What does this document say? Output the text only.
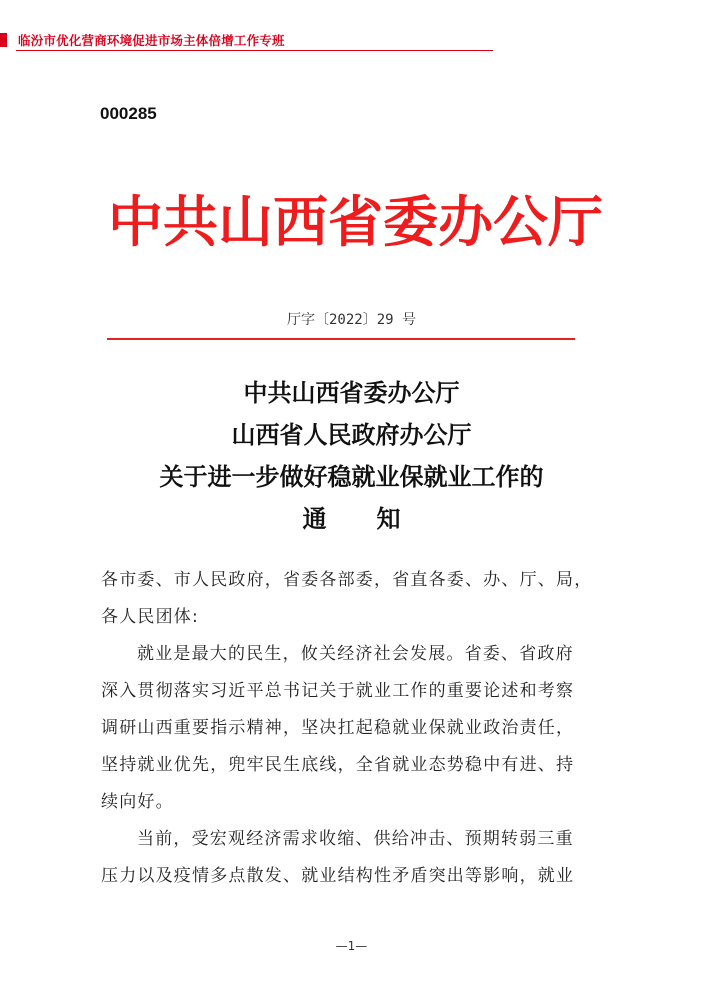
临汾市优化营商环境促进市场主体倍增工作专班
000285
中共山西省委办公厅
厅字〔2022〕29 号
中共山西省委办公厅
山西省人民政府办公厅
关于进一步做好稳就业保就业工作的
通知
各市委、市人民政府，省委各部委，省直各委、办、厅、局，
各人民团体:
就业是最大的民生，攸关经济社会发展。省委、省政府
深入贯彻落实习近平总书记关于就业工作的重要论述和考察
调研山西重要指示精神，坚决扛起稳就业保就业政治责任，
坚持就业优先，兜牢民生底线，全省就业态势稳中有进、持
续向好。
当前，受宏观经济需求收缩、供给冲击、预期转弱三重
压力以及疫情多点散发、就业结构性矛盾突出等影响，就业
—1—
